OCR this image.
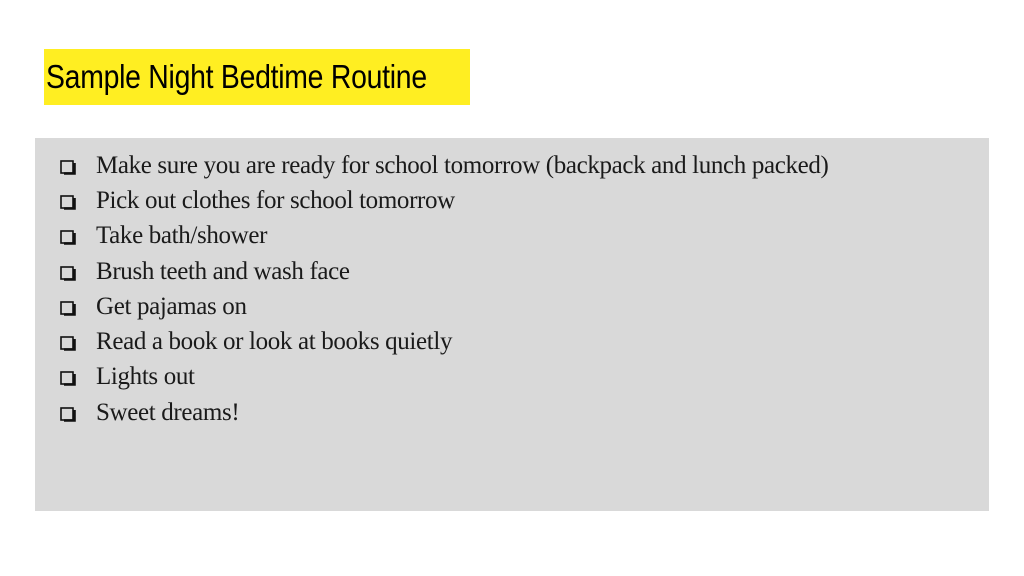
Sample Night Bedtime Routine
Make sure you are ready for school tomorrow (backpack and lunch packed)
Pick out clothes for school tomorrow
Take bath/shower
Brush teeth and wash face
Get pajamas on
Read a book or look at books quietly
Lights out
Sweet dreams!
